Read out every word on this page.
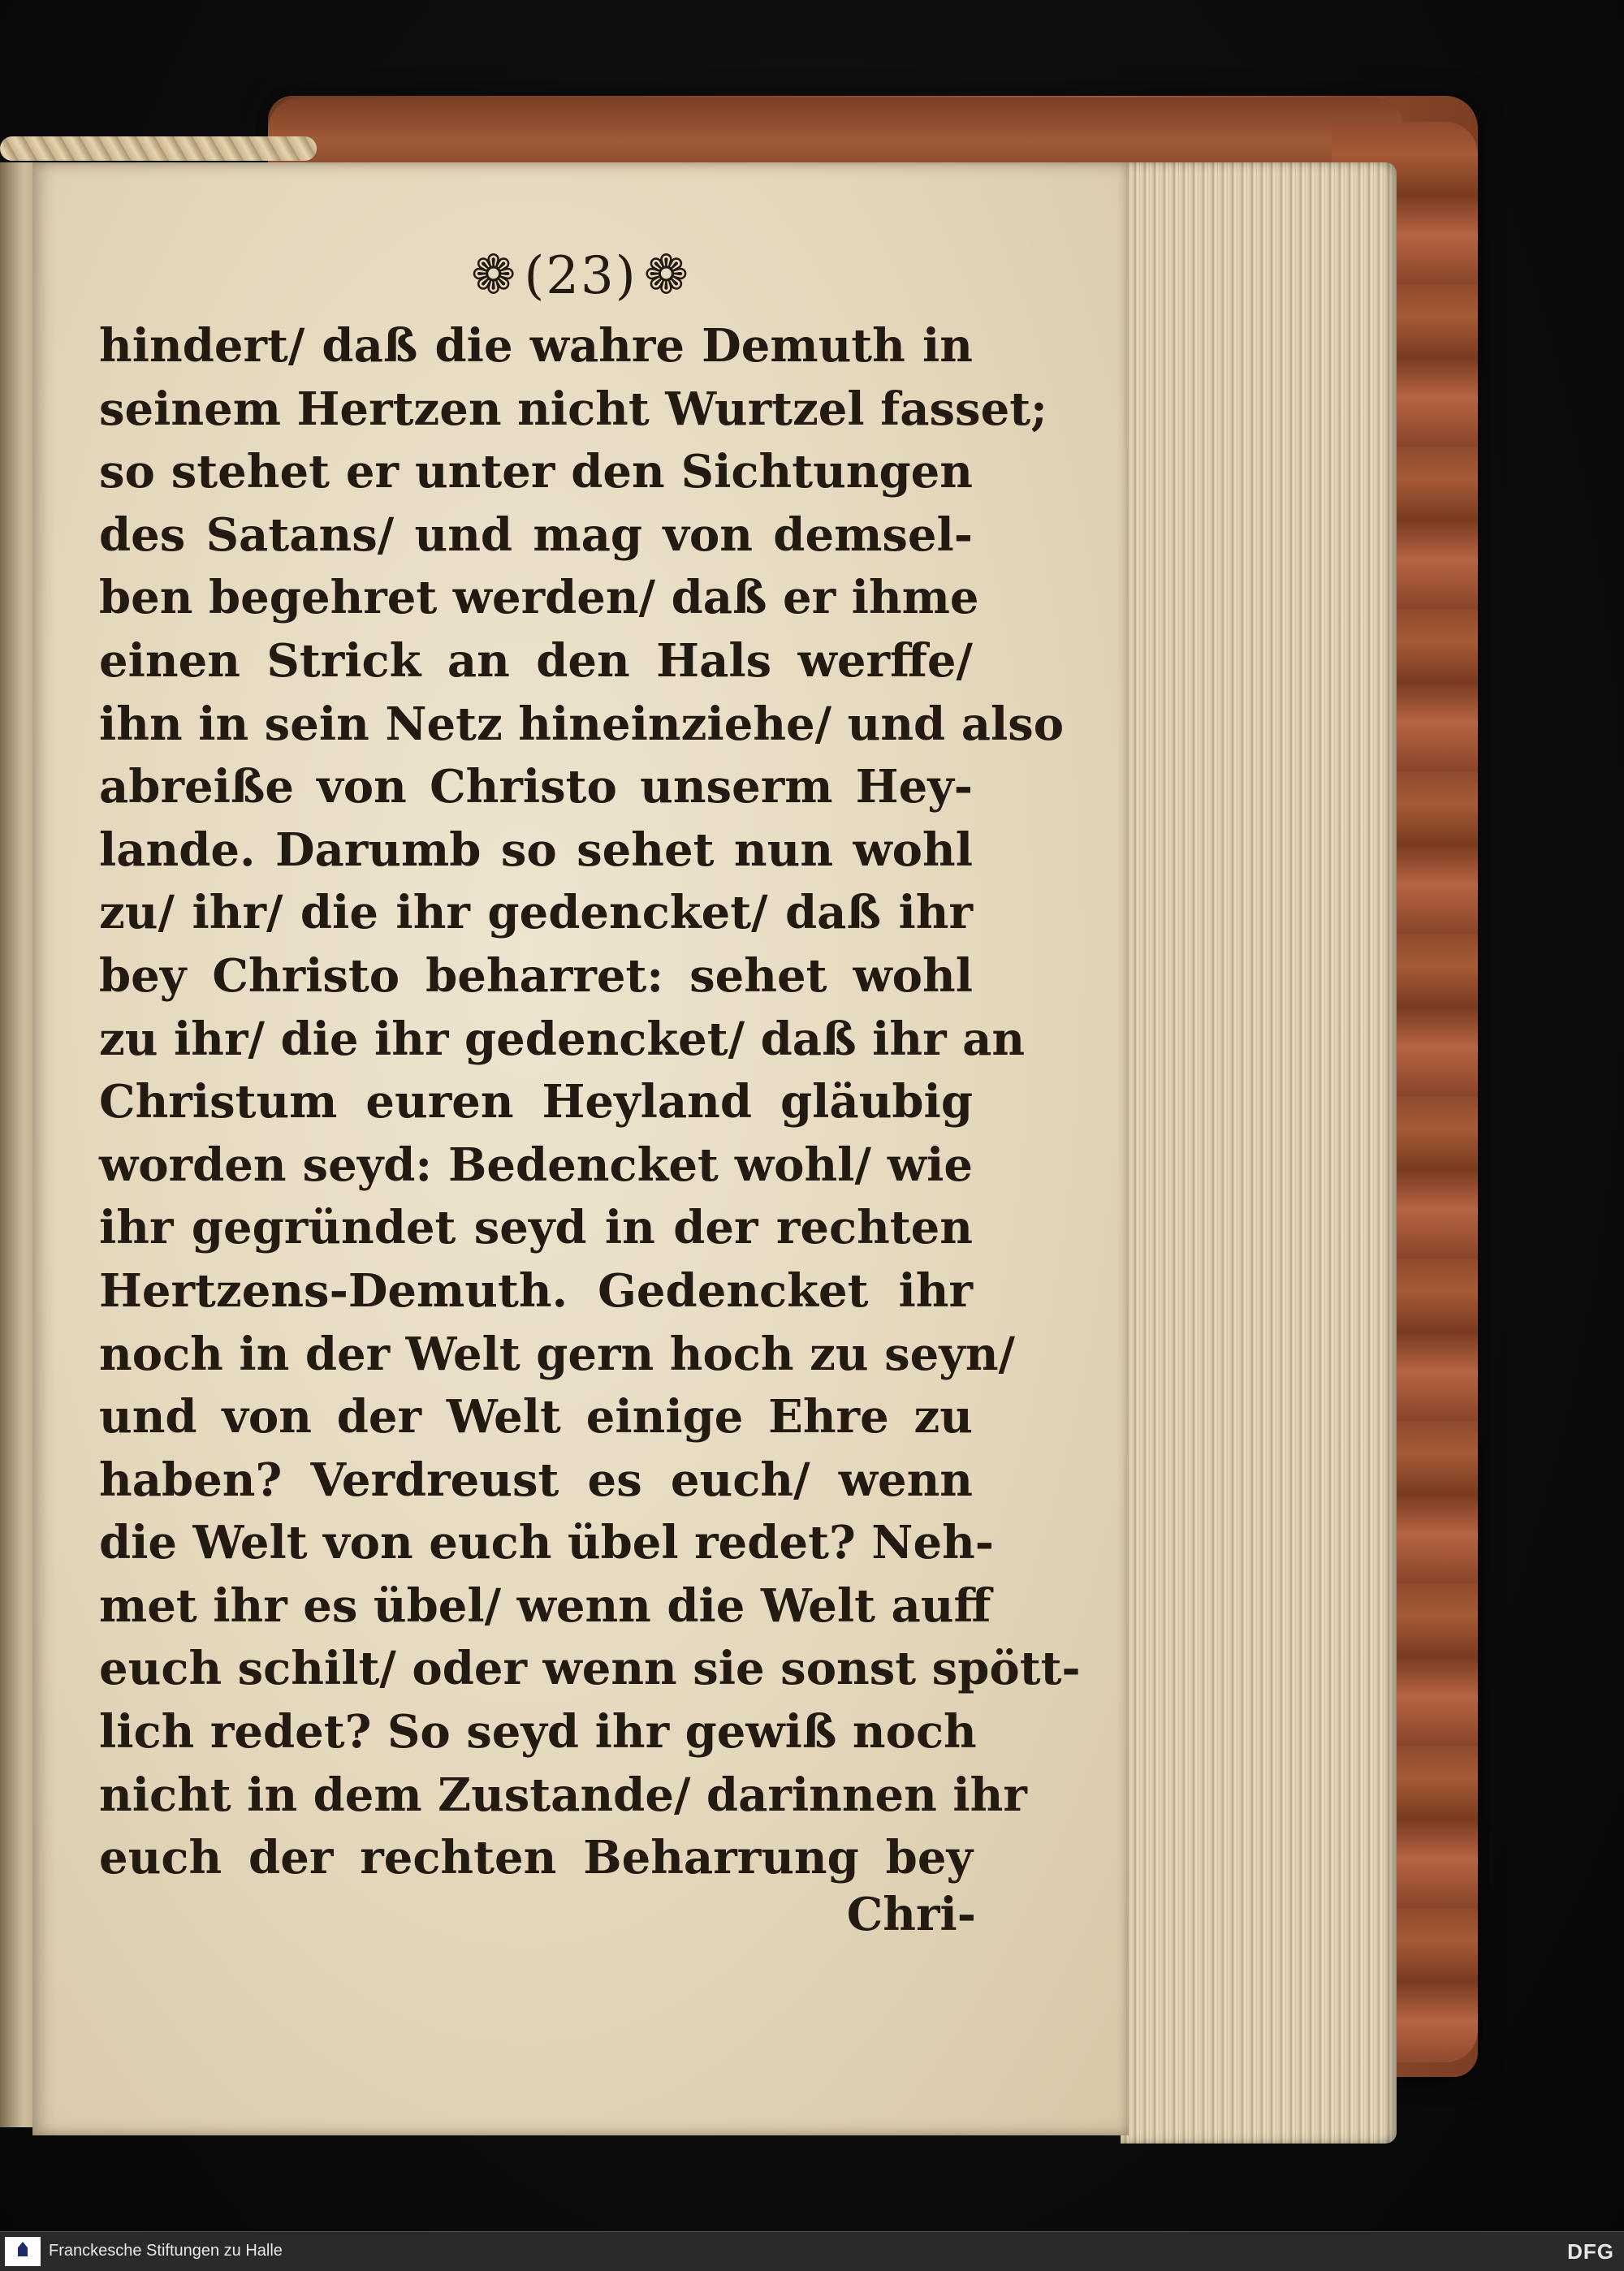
❁ (23) ❁
hindert/ daß die wahre Demuth in
seinem Hertzen nicht Wurtzel fasset;
so stehet er unter den Sichtungen
des Satans/ und mag von demsel-
ben begehret werden/ daß er ihme
einen Strick an den Hals werffe/
ihn in sein Netz hineinziehe/ und also
abreiße von Christo unserm Hey-
lande. Darumb so sehet nun wohl
zu/ ihr/ die ihr gedencket/ daß ihr
bey Christo beharret: sehet wohl
zu ihr/ die ihr gedencket/ daß ihr an
Christum euren Heyland gläubig
worden seyd: Bedencket wohl/ wie
ihr gegründet seyd in der rechten
Hertzens-Demuth. Gedencket ihr
noch in der Welt gern hoch zu seyn/
und von der Welt einige Ehre zu
haben? Verdreust es euch/ wenn
die Welt von euch übel redet? Neh-
met ihr es übel/ wenn die Welt auff
euch schilt/ oder wenn sie sonst spött-
lich redet? So seyd ihr gewiß noch
nicht in dem Zustande/ darinnen ihr
euch der rechten Beharrung bey
Chri-
Franckesche Stiftungen zu Halle	DFG
